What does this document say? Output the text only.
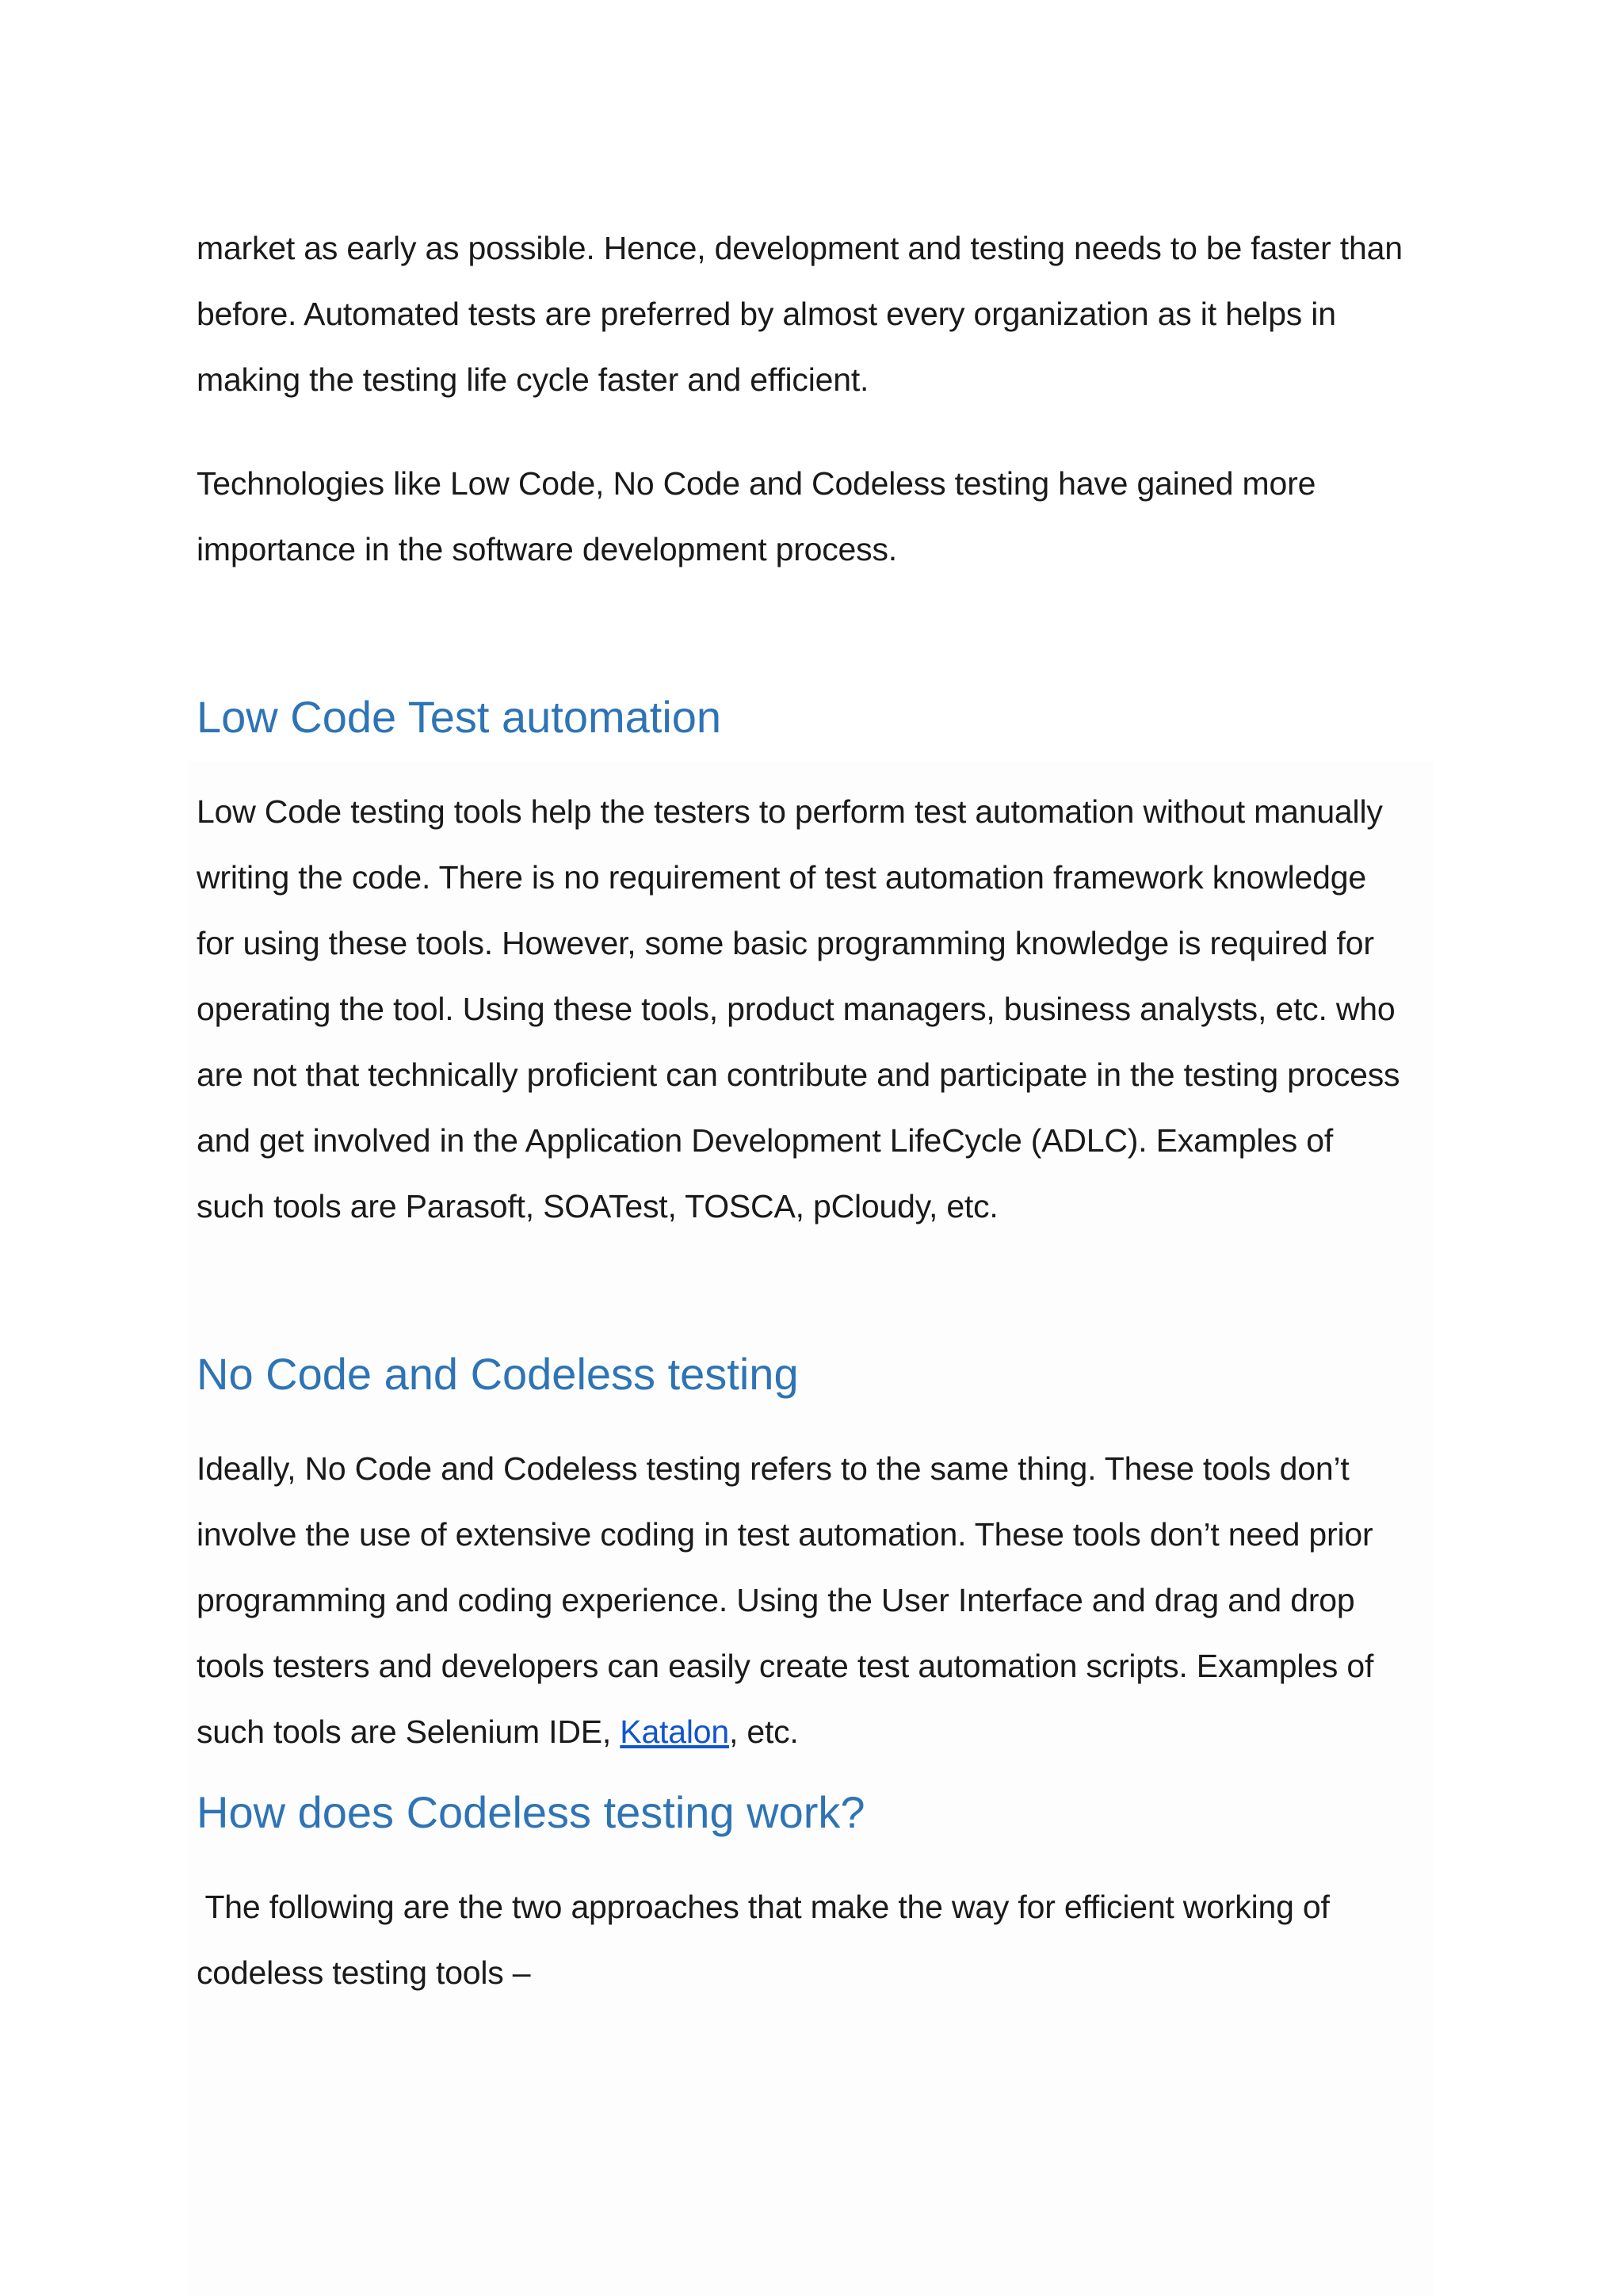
market as early as possible. Hence, development and testing needs to be faster than

before. Automated tests are preferred by almost every organization as it helps in

making the testing life cycle faster and efficient.

Technologies like Low Code, No Code and Codeless testing have gained more

importance in the software development process.

Low Code Test automation

Low Code testing tools help the testers to perform test automation without manually

writing the code. There is no requirement of test automation framework knowledge

for using these tools. However, some basic programming knowledge is required for

operating the tool. Using these tools, product managers, business analysts, etc. who

are not that technically proficient can contribute and participate in the testing process

and get involved in the Application Development LifeCycle (ADLC). Examples of

such tools are Parasoft, SOATest, TOSCA, pCloudy, etc.

No Code and Codeless testing

Ideally, No Code and Codeless testing refers to the same thing. These tools don’t

involve the use of extensive coding in test automation. These tools don’t need prior

programming and coding experience. Using the User Interface and drag and drop

tools testers and developers can easily create test automation scripts. Examples of

such tools are Selenium IDE, Katalon, etc.

How does Codeless testing work?

The following are the two approaches that make the way for efficient working of

codeless testing tools –
